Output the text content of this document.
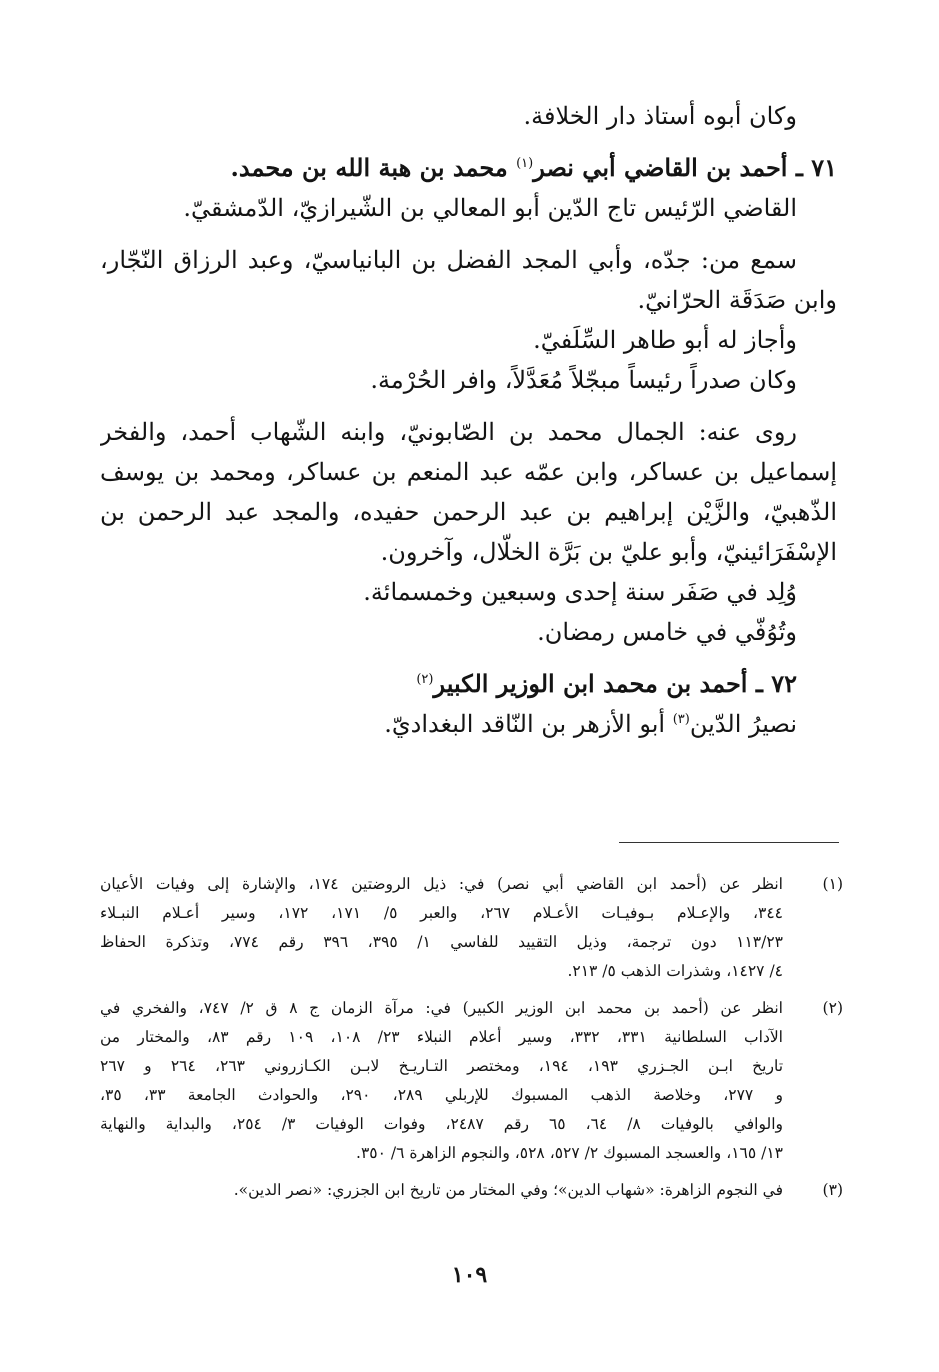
وكان أبوه أستاذ دار الخلافة.
٧١ ـ أحمد بن القاضي أبي نصر$^{(١)}$ محمد بن هبة الله بن محمد.
القاضي الرّئيس تاج الدّين أبو المعالي بن الشّيرازيّ، الدّمشقيّ.
سمع من: جدّه، وأبي المجد الفضل بن البانياسيّ، وعبد الرزاق النّجّار،
وابن صَدَقَة الحرّانيّ.
وأجاز له أبو طاهر السِّلَفيّ.
وكان صدراً رئيساً مبجّلاً مُعَدَّلاً، وافر الحُرْمة.
روى عنه: الجمال محمد بن الصّابونيّ، وابنه الشّهاب أحمد، والفخر
إسماعيل بن عساكر، وابن عمّه عبد المنعم بن عساكر، ومحمد بن يوسف
الذّهبيّ، والزَّيْن إبراهيم بن عبد الرحمن حفيده، والمجد عبد الرحمن بن
الإسْفَرَائينيّ، وأبو عليّ بن بَرَّة الخلّال، وآخرون.
وُلِد في صَفَر سنة إحدى وسبعين وخمسمائة.
وتُوُفّي في خامس رمضان.
٧٢ ـ أحمد بن محمد ابن الوزير الكبير$^{(٢)}$
نصيرُ الدّين$^{(٣)}$ أبو الأزهر بن النّاقد البغداديّ.
(١)
انظر عن (أحمد ابن القاضي أبي نصر) في: ذيل الروضتين ١٧٤، والإشارة إلى وفيات الأعيان
٣٤٤، والإعـلام بـوفيـات الأعـلام ٢٦٧، والعبر ٥/ ١٧١، ١٧٢، وسير أعـلام النبـلاء
١١٣/٢٣ دون ترجمة، وذيل التقييد للفاسي ١/ ٣٩٥، ٣٩٦ رقم ٧٧٤، وتذكرة الحفاظ
٤/ ١٤٢٧، وشذرات الذهب ٥/ ٢١٣.
(٢)
انظر عن (أحمد بن محمد ابن الوزير الكبير) في: مرآة الزمان ج ٨ ق ٢/ ٧٤٧، والفخري في
الآداب السلطانية ٣٣١، ٣٣٢، وسير أعلام النبلاء ٢٣/ ١٠٨، ١٠٩ رقم ٨٣، والمختار من
تاريخ ابـن الجـزري ١٩٣، ١٩٤، ومختصر التـاريـخ لابـن الكـازروني ٢٦٣، ٢٦٤ و ٢٦٧
و ٢٧٧، وخلاصة الذهب المسبوك للإربلي ٢٨٩، ٢٩٠، والحوادث الجامعة ٣٣، ٣٥،
والوافي بالوفيات ٨/ ٦٤، ٦٥ رقم ٢٤٨٧، وفوات الوفيات ٣/ ٢٥٤، والبداية والنهاية
١٣/ ١٦٥، والعسجد المسبوك ٢/ ٥٢٧، ٥٢٨، والنجوم الزاهرة ٦/ ٣٥٠.
(٣)
في النجوم الزاهرة: «شهاب الدين»؛ وفي المختار من تاريخ ابن الجزري: «نصر الدين».
١٠٩
